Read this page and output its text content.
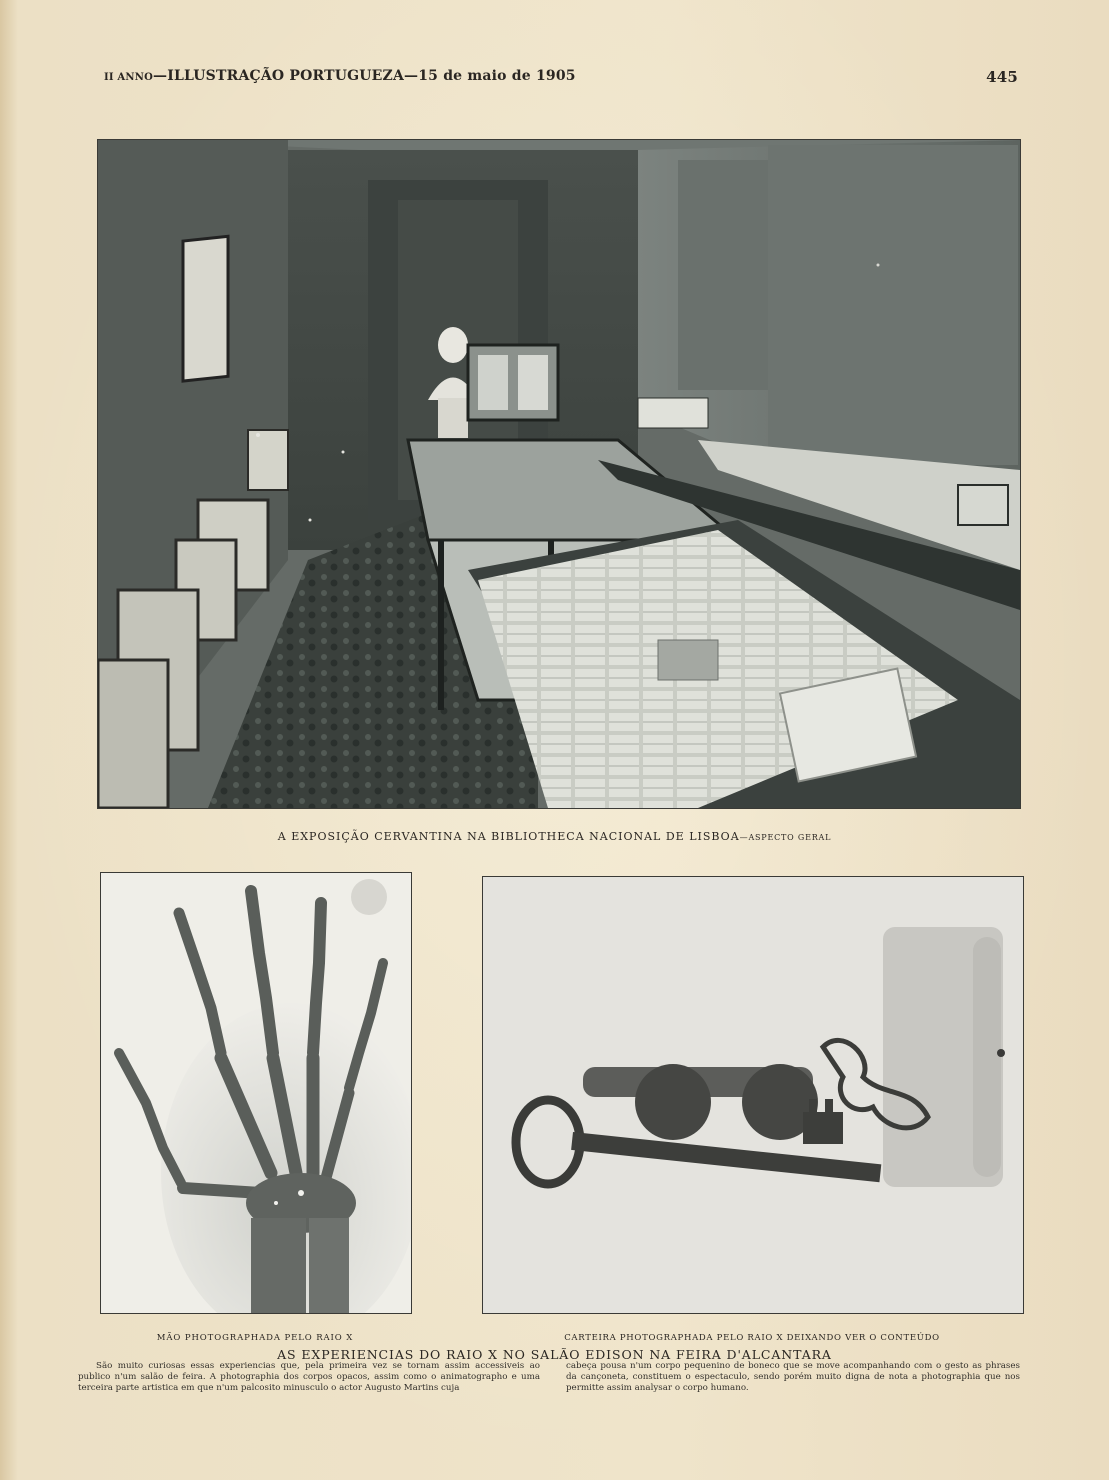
II ANNO—ILLUSTRAÇÃO PORTUGUEZA—15 de maio de 1905	445
A EXPOSIÇÃO CERVANTINA NA BIBLIOTHECA NACIONAL DE LISBOA—ASPECTO GERAL
MÃO PHOTOGRAPHADA PELO RAIO X	CARTEIRA PHOTOGRAPHADA PELO RAIO X DEIXANDO VER O CONTEÚDO
AS EXPERIENCIAS DO RAIO X NO SALÃO EDISON NA FEIRA D'ALCANTARA

São muito curiosas essas experiencias que, pela primeira vez se tornam assim accessiveis ao publico n'um salão de feira. A photographia dos corpos opacos, assim como o animatographo e uma terceira parte artistica em que n'um palcosito minusculo o actor Augusto Martins cuja

cabeça pousa n'um corpo pequenino de boneco que se move acompanhando com o gesto as phrases da cançoneta, constituem o espectaculo, sendo porém muito digna de nota a photographia que nos permitte assim analysar o corpo humano.
